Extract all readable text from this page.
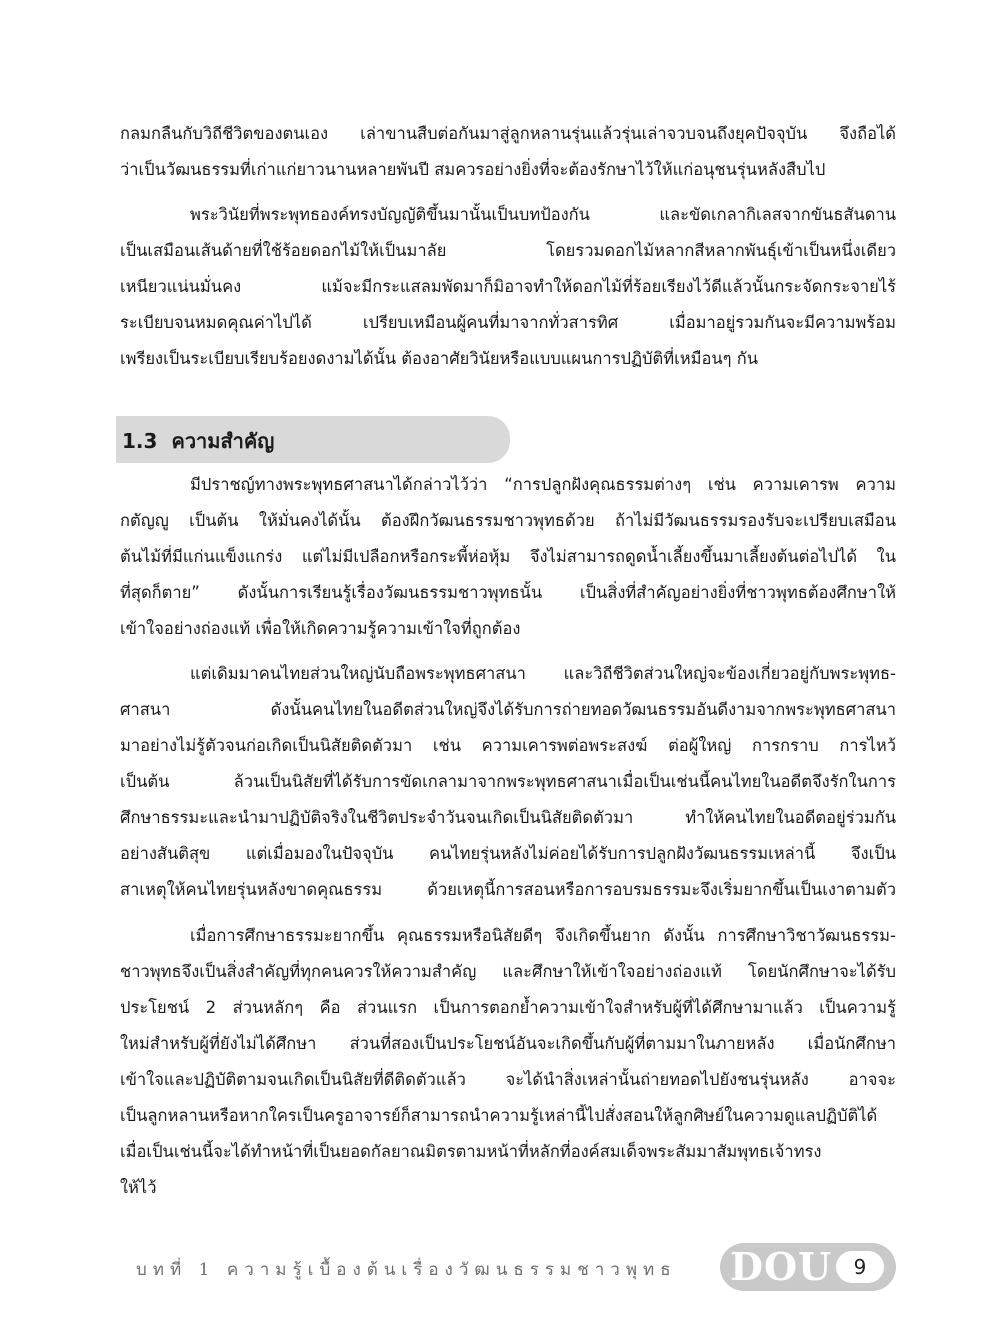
กลมกลืนกับวิถีชีวิตของตนเอง เล่าขานสืบต่อกันมาสู่ลูกหลานรุ่นแล้วรุ่นเล่าจวบจนถึงยุคปัจจุบัน จึงถือได้
ว่าเป็นวัฒนธรรมที่เก่าแก่ยาวนานหลายพันปี สมควรอย่างยิ่งที่จะต้องรักษาไว้ให้แก่อนุชนรุ่นหลังสืบไป
พระวินัยที่พระพุทธองค์ทรงบัญญัติขึ้นมานั้นเป็นบทป้องกัน และขัดเกลากิเลสจากขันธสันดาน
เป็นเสมือนเส้นด้ายที่ใช้ร้อยดอกไม้ให้เป็นมาลัย โดยรวมดอกไม้หลากสีหลากพันธุ์เข้าเป็นหนึ่งเดียว
เหนียวแน่นมั่นคง แม้จะมีกระแสลมพัดมาก็มิอาจทำให้ดอกไม้ที่ร้อยเรียงไว้ดีแล้วนั้นกระจัดกระจายไร้
ระเบียบจนหมดคุณค่าไปได้ เปรียบเหมือนผู้คนที่มาจากทั่วสารทิศ เมื่อมาอยู่รวมกันจะมีความพร้อม
เพรียงเป็นระเบียบเรียบร้อยงดงามได้นั้น ต้องอาศัยวินัยหรือแบบแผนการปฏิบัติที่เหมือนๆ กัน
1.3 ความสำคัญ
มีปราชญ์ทางพระพุทธศาสนาได้กล่าวไว้ว่า “การปลูกฝังคุณธรรมต่างๆ เช่น ความเคารพ ความ
กตัญญู เป็นต้น ให้มั่นคงได้นั้น ต้องฝึกวัฒนธรรมชาวพุทธด้วย ถ้าไม่มีวัฒนธรรมรองรับจะเปรียบเสมือน
ต้นไม้ที่มีแก่นแข็งแกร่ง แต่ไม่มีเปลือกหรือกระพี้ห่อหุ้ม จึงไม่สามารถดูดน้ำเลี้ยงขึ้นมาเลี้ยงต้นต่อไปได้ ใน
ที่สุดก็ตาย” ดังนั้นการเรียนรู้เรื่องวัฒนธรรมชาวพุทธนั้น เป็นสิ่งที่สำคัญอย่างยิ่งที่ชาวพุทธต้องศึกษาให้
เข้าใจอย่างถ่องแท้ เพื่อให้เกิดความรู้ความเข้าใจที่ถูกต้อง
แต่เดิมมาคนไทยส่วนใหญ่นับถือพระพุทธศาสนา และวิถีชีวิตส่วนใหญ่จะข้องเกี่ยวอยู่กับพระพุทธ-
ศาสนา ดังนั้นคนไทยในอดีตส่วนใหญ่จึงได้รับการถ่ายทอดวัฒนธรรมอันดีงามจากพระพุทธศาสนา
มาอย่างไม่รู้ตัวจนก่อเกิดเป็นนิสัยติดตัวมา เช่น ความเคารพต่อพระสงฆ์ ต่อผู้ใหญ่ การกราบ การไหว้
เป็นต้น ล้วนเป็นนิสัยที่ได้รับการขัดเกลามาจากพระพุทธศาสนาเมื่อเป็นเช่นนี้คนไทยในอดีตจึงรักในการ
ศึกษาธรรมะและนำมาปฏิบัติจริงในชีวิตประจำวันจนเกิดเป็นนิสัยติดตัวมา ทำให้คนไทยในอดีตอยู่ร่วมกัน
อย่างสันติสุข แต่เมื่อมองในปัจจุบัน คนไทยรุ่นหลังไม่ค่อยได้รับการปลูกฝังวัฒนธรรมเหล่านี้ จึงเป็น
สาเหตุให้คนไทยรุ่นหลังขาดคุณธรรม ด้วยเหตุนี้การสอนหรือการอบรมธรรมะจึงเริ่มยากขึ้นเป็นเงาตามตัว
เมื่อการศึกษาธรรมะยากขึ้น คุณธรรมหรือนิสัยดีๆ จึงเกิดขึ้นยาก ดังนั้น การศึกษาวิชาวัฒนธรรม-
ชาวพุทธจึงเป็นสิ่งสำคัญที่ทุกคนควรให้ความสำคัญ และศึกษาให้เข้าใจอย่างถ่องแท้ โดยนักศึกษาจะได้รับ
ประโยชน์ 2 ส่วนหลักๆ คือ ส่วนแรก เป็นการตอกย้ำความเข้าใจสำหรับผู้ที่ได้ศึกษามาแล้ว เป็นความรู้
ใหม่สำหรับผู้ที่ยังไม่ได้ศึกษา ส่วนที่สองเป็นประโยชน์อันจะเกิดขึ้นกับผู้ที่ตามมาในภายหลัง เมื่อนักศึกษา
เข้าใจและปฏิบัติตามจนเกิดเป็นนิสัยที่ดีติดตัวแล้ว จะได้นำสิ่งเหล่านั้นถ่ายทอดไปยังชนรุ่นหลัง อาจจะ
เป็นลูกหลานหรือหากใครเป็นครูอาจารย์ก็สามารถนำความรู้เหล่านี้ไปสั่งสอนให้ลูกศิษย์ในความดูแลปฏิบัติได้
เมื่อเป็นเช่นนี้จะได้ทำหน้าที่เป็นยอดกัลยาณมิตรตามหน้าที่หลักที่องค์สมเด็จพระสัมมาสัมพุทธเจ้าทรง
ให้ไว้
บทที่ 1 ความรู้เบื้องต้นเรื่องวัฒนธรรมชาวพุทธ	DOU	9
